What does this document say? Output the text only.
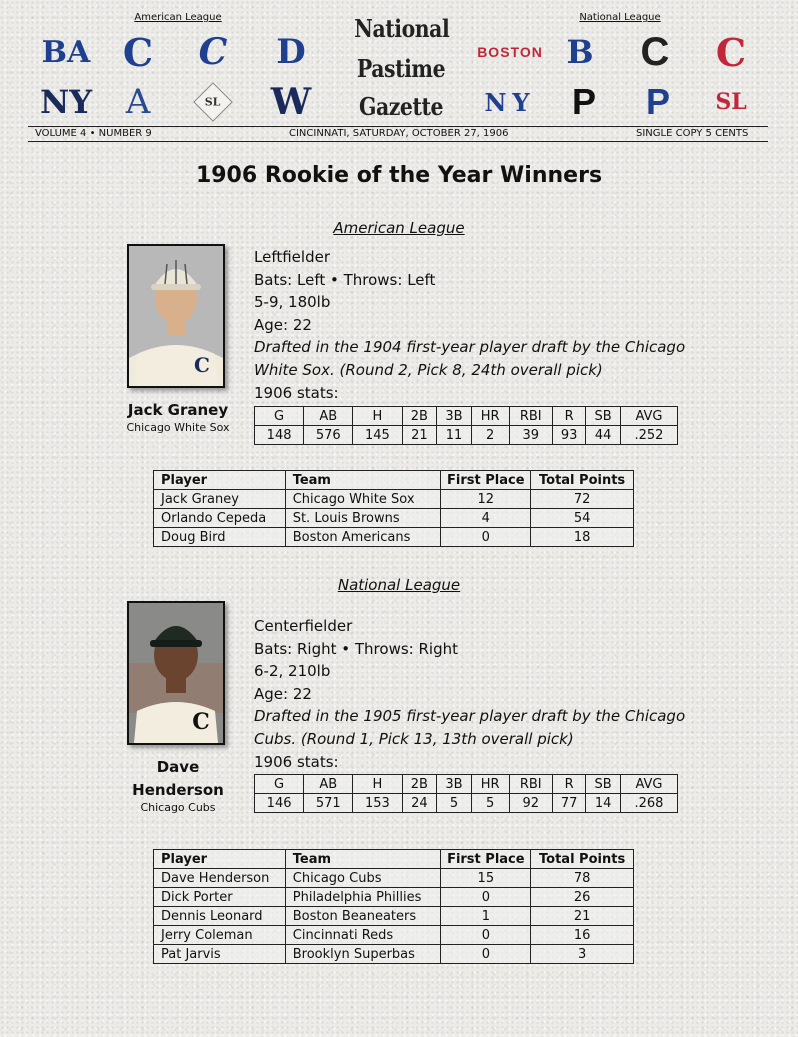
American League	National League
BA C C D
NY A	SL W
National
Pastime
Gazette
BOSTON B C C
NY P P SL
VOLUME 4 • NUMBER 9	CINCINNATI, SATURDAY, OCTOBER 27, 1906	SINGLE COPY 5 CENTS
1906 Rookie of the Year Winners
American League
C
Jack Graney
Chicago White Sox
Leftfielder
Bats: Left • Throws: Left
5-9, 180lb
Age: 22
Drafted in the 1904 first-year player draft by the Chicago White Sox. (Round 2, Pick 8, 24th overall pick)
1906 stats:
G	AB	H	2B	3B	HR	RBI	R	SB	AVG
148	576	145	21	11	2	39	93	44	.252
Player	Team	First Place	Total Points
Jack Graney	Chicago White Sox	12	72
Orlando Cepeda	St. Louis Browns	4	54
Doug Bird	Boston Americans	0	18
National League
C
Dave Henderson
Chicago Cubs
Centerfielder
Bats: Right • Throws: Right
6-2, 210lb
Age: 22
Drafted in the 1905 first-year player draft by the Chicago Cubs. (Round 1, Pick 13, 13th overall pick)
1906 stats:
G	AB	H	2B	3B	HR	RBI	R	SB	AVG
146	571	153	24	5	5	92	77	14	.268
Player	Team	First Place	Total Points
Dave Henderson	Chicago Cubs	15	78
Dick Porter	Philadelphia Phillies	0	26
Dennis Leonard	Boston Beaneaters	1	21
Jerry Coleman	Cincinnati Reds	0	16
Pat Jarvis	Brooklyn Superbas	0	3
